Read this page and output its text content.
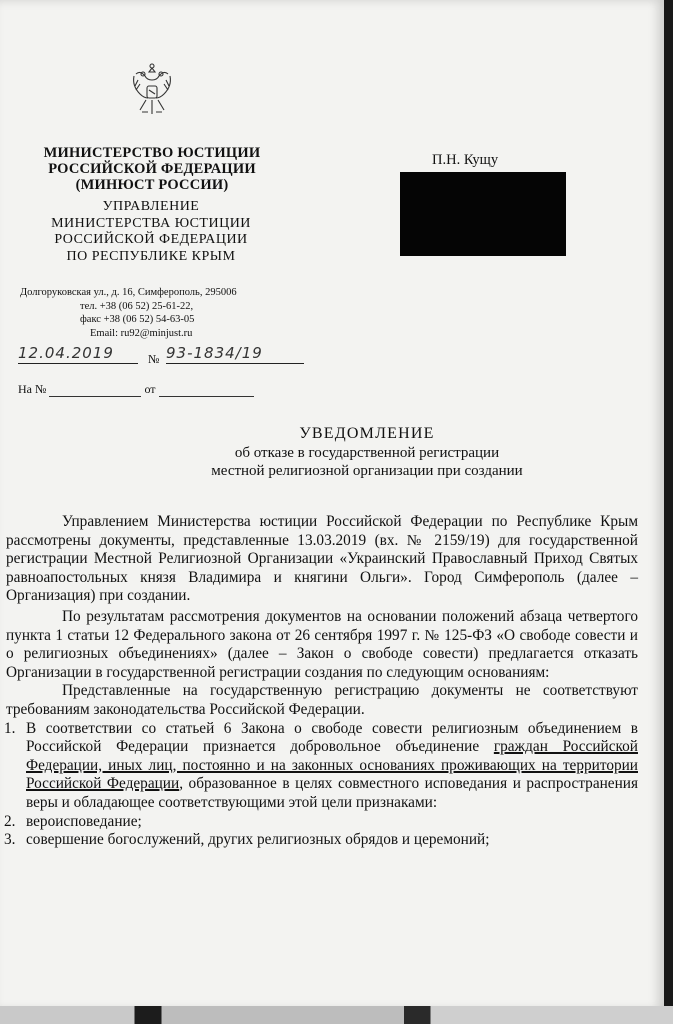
МИНИСТЕРСТВО ЮСТИЦИИ
РОССИЙСКОЙ ФЕДЕРАЦИИ
(МИНЮСТ РОССИИ)
УПРАВЛЕНИЕ
МИНИСТЕРСТВА ЮСТИЦИИ
РОССИЙСКОЙ ФЕДЕРАЦИИ
ПО РЕСПУБЛИКЕ КРЫМ
Долгоруковская ул., д. 16, Симферополь, 295006
тел. +38 (06 52) 25-61-22,
факс +38 (06 52) 54-63-05
Email: ru92@minjust.ru
12.04.2019	№ 93-1834/19
На №	от
П.Н. Кущу
УВЕДОМЛЕНИЕ
об отказе в государственной регистрации
местной религиозной организации при создании

Управлением Министерства юстиции Российской Федерации по Республике Крым рассмотрены документы, представленные 13.03.2019 (вх. № 2159/19) для государственной регистрации Местной Религиозной Организации «Украинский Православный Приход Святых равноапостольных князя Владимира и княгини Ольги». Город Симферополь (далее – Организация) при создании.

По результатам рассмотрения документов на основании положений абзаца четвертого пункта 1 статьи 12 Федерального закона от 26 сентября 1997 г. № 125-ФЗ «О свободе совести и о религиозных объединениях» (далее – Закон о свободе совести) предлагается отказать Организации в государственной регистрации создания по следующим основаниям:

Представленные на государственную регистрацию документы не соответствуют требованиям законодательства Российской Федерации.

1. В соответствии со статьей 6 Закона о свободе совести религиозным объединением в Российской Федерации признается добровольное объединение граждан Российской Федерации, иных лиц, постоянно и на законных основаниях проживающих на территории Российской Федерации, образованное в целях совместного исповедания и распространения веры и обладающее соответствующими этой цели признаками:
2. вероисповедание;
3. совершение богослужений, других религиозных обрядов и церемоний;
